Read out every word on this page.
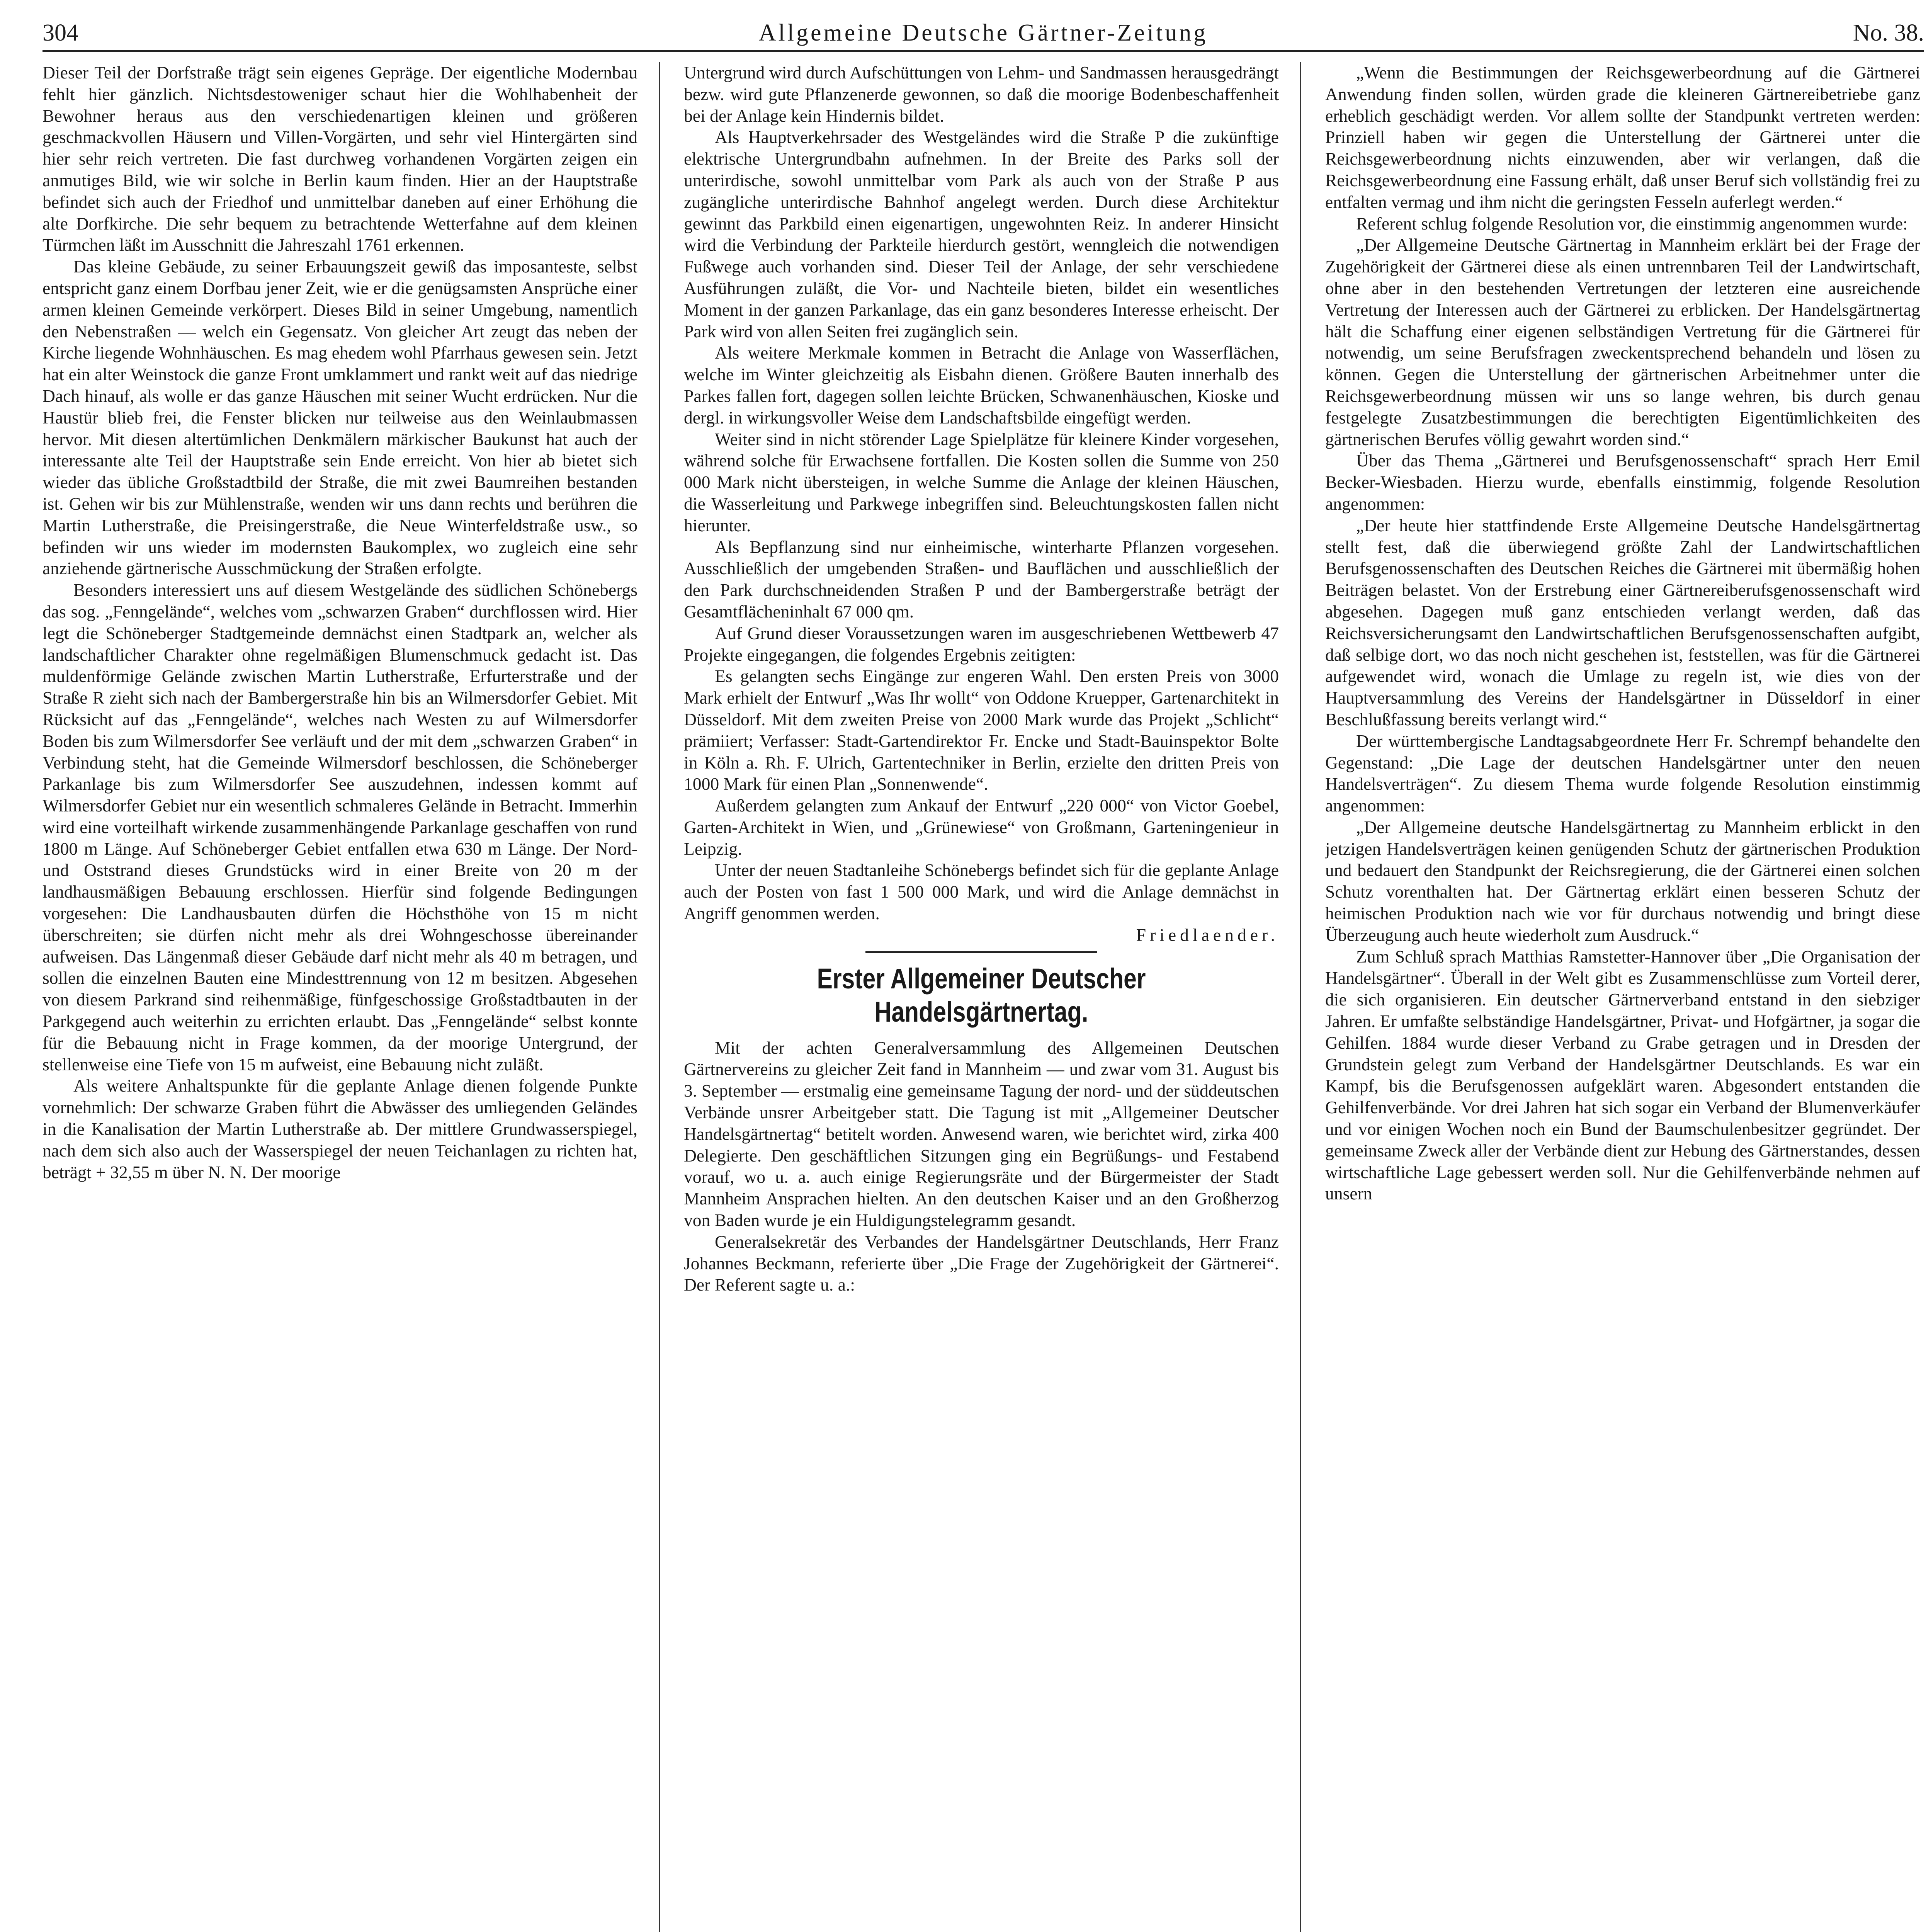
304	Allgemeine Deutsche Gärtner-Zeitung	No. 38.

Dieser Teil der Dorfstraße trägt sein eigenes Gepräge. Der eigentliche Modernbau fehlt hier gänzlich. Nichtsdestoweniger schaut hier die Wohlhabenheit der Bewohner heraus aus den verschiedenartigen kleinen und größeren geschmackvollen Häusern und Villen-Vorgärten, und sehr viel Hintergärten sind hier sehr reich vertreten. Die fast durchweg vorhandenen Vorgärten zeigen ein anmutiges Bild, wie wir solche in Berlin kaum finden. Hier an der Hauptstraße befindet sich auch der Friedhof und unmittelbar daneben auf einer Erhöhung die alte Dorfkirche. Die sehr bequem zu betrachtende Wetterfahne auf dem kleinen Türmchen läßt im Ausschnitt die Jahreszahl 1761 erkennen.

Das kleine Gebäude, zu seiner Erbauungszeit gewiß das imposanteste, selbst entspricht ganz einem Dorfbau jener Zeit, wie er die genügsamsten Ansprüche einer armen kleinen Gemeinde verkörpert. Dieses Bild in seiner Umgebung, namentlich den Nebenstraßen — welch ein Gegensatz. Von gleicher Art zeugt das neben der Kirche liegende Wohnhäuschen. Es mag ehedem wohl Pfarrhaus gewesen sein. Jetzt hat ein alter Weinstock die ganze Front umklammert und rankt weit auf das niedrige Dach hinauf, als wolle er das ganze Häuschen mit seiner Wucht erdrücken. Nur die Haustür blieb frei, die Fenster blicken nur teilweise aus den Weinlaubmassen hervor. Mit diesen altertümlichen Denkmälern märkischer Baukunst hat auch der interessante alte Teil der Hauptstraße sein Ende erreicht. Von hier ab bietet sich wieder das übliche Großstadtbild der Straße, die mit zwei Baumreihen bestanden ist. Gehen wir bis zur Mühlenstraße, wenden wir uns dann rechts und berühren die Martin Lutherstraße, die Preisingerstraße, die Neue Winterfeldstraße usw., so befinden wir uns wieder im modernsten Baukomplex, wo zugleich eine sehr anziehende gärtnerische Ausschmückung der Straßen erfolgte.

Besonders interessiert uns auf diesem Westgelände des südlichen Schönebergs das sog. „Fenngelände“, welches vom „schwarzen Graben“ durchflossen wird. Hier legt die Schöneberger Stadtgemeinde demnächst einen Stadtpark an, welcher als landschaftlicher Charakter ohne regelmäßigen Blumenschmuck gedacht ist. Das muldenförmige Gelände zwischen Martin Lutherstraße, Erfurterstraße und der Straße R zieht sich nach der Bambergerstraße hin bis an Wilmersdorfer Gebiet. Mit Rücksicht auf das „Fenngelände“, welches nach Westen zu auf Wilmersdorfer Boden bis zum Wilmersdorfer See verläuft und der mit dem „schwarzen Graben“ in Verbindung steht, hat die Gemeinde Wilmersdorf beschlossen, die Schöneberger Parkanlage bis zum Wilmersdorfer See auszudehnen, indessen kommt auf Wilmersdorfer Gebiet nur ein wesentlich schmaleres Gelände in Betracht. Immerhin wird eine vorteilhaft wirkende zusammenhängende Parkanlage geschaffen von rund 1800 m Länge. Auf Schöneberger Gebiet entfallen etwa 630 m Länge. Der Nord- und Oststrand dieses Grundstücks wird in einer Breite von 20 m der landhausmäßigen Bebauung erschlossen. Hierfür sind folgende Bedingungen vorgesehen: Die Landhausbauten dürfen die Höchsthöhe von 15 m nicht überschreiten; sie dürfen nicht mehr als drei Wohngeschosse übereinander aufweisen. Das Längenmaß dieser Gebäude darf nicht mehr als 40 m betragen, und sollen die einzelnen Bauten eine Mindesttrennung von 12 m besitzen. Abgesehen von diesem Parkrand sind reihenmäßige, fünfgeschossige Großstadtbauten in der Parkgegend auch weiterhin zu errichten erlaubt. Das „Fenngelände“ selbst konnte für die Bebauung nicht in Frage kommen, da der moorige Untergrund, der stellenweise eine Tiefe von 15 m aufweist, eine Bebauung nicht zuläßt.

Als weitere Anhaltspunkte für die geplante Anlage dienen folgende Punkte vornehmlich: Der schwarze Graben führt die Abwässer des umliegenden Geländes in die Kanalisation der Martin Lutherstraße ab. Der mittlere Grundwasserspiegel, nach dem sich also auch der Wasserspiegel der neuen Teichanlagen zu richten hat, beträgt + 32,55 m über N. N. Der moorige

Untergrund wird durch Aufschüttungen von Lehm- und Sandmassen herausgedrängt bezw. wird gute Pflanzenerde gewonnen, so daß die moorige Bodenbeschaffenheit bei der Anlage kein Hindernis bildet.

Als Hauptverkehrsader des Westgeländes wird die Straße P die zukünftige elektrische Untergrundbahn aufnehmen. In der Breite des Parks soll der unterirdische, sowohl unmittelbar vom Park als auch von der Straße P aus zugängliche unterirdische Bahnhof angelegt werden. Durch diese Architektur gewinnt das Parkbild einen eigenartigen, ungewohnten Reiz. In anderer Hinsicht wird die Verbindung der Parkteile hierdurch gestört, wenngleich die notwendigen Fußwege auch vorhanden sind. Dieser Teil der Anlage, der sehr verschiedene Ausführungen zuläßt, die Vor- und Nachteile bieten, bildet ein wesentliches Moment in der ganzen Parkanlage, das ein ganz besonderes Interesse erheischt. Der Park wird von allen Seiten frei zugänglich sein.

Als weitere Merkmale kommen in Betracht die Anlage von Wasserflächen, welche im Winter gleichzeitig als Eisbahn dienen. Größere Bauten innerhalb des Parkes fallen fort, dagegen sollen leichte Brücken, Schwanenhäuschen, Kioske und dergl. in wirkungsvoller Weise dem Landschaftsbilde eingefügt werden.

Weiter sind in nicht störender Lage Spielplätze für kleinere Kinder vorgesehen, während solche für Erwachsene fortfallen. Die Kosten sollen die Summe von 250 000 Mark nicht übersteigen, in welche Summe die Anlage der kleinen Häuschen, die Wasserleitung und Parkwege inbegriffen sind. Beleuchtungskosten fallen nicht hierunter.

Als Bepflanzung sind nur einheimische, winterharte Pflanzen vorgesehen. Ausschließlich der umgebenden Straßen- und Bauflächen und ausschließlich der den Park durchschneidenden Straßen P und der Bambergerstraße beträgt der Gesamtflächeninhalt 67 000 qm.

Auf Grund dieser Voraussetzungen waren im ausgeschriebenen Wettbewerb 47 Projekte eingegangen, die folgendes Ergebnis zeitigten:

Es gelangten sechs Eingänge zur engeren Wahl. Den ersten Preis von 3000 Mark erhielt der Entwurf „Was Ihr wollt“ von Oddone Kruepper, Gartenarchitekt in Düsseldorf. Mit dem zweiten Preise von 2000 Mark wurde das Projekt „Schlicht“ prämiiert; Verfasser: Stadt-Gartendirektor Fr. Encke und Stadt-Bauinspektor Bolte in Köln a. Rh. F. Ulrich, Gartentechniker in Berlin, erzielte den dritten Preis von 1000 Mark für einen Plan „Sonnenwende“.

Außerdem gelangten zum Ankauf der Entwurf „220 000“ von Victor Goebel, Garten-Architekt in Wien, und „Grünewiese“ von Großmann, Garteningenieur in Leipzig.

Unter der neuen Stadtanleihe Schönebergs befindet sich für die geplante Anlage auch der Posten von fast 1 500 000 Mark, und wird die Anlage demnächst in Angriff genommen werden.

Friedlaender.

Erster Allgemeiner Deutscher Handelsgärtnertag.

Mit der achten Generalversammlung des Allgemeinen Deutschen Gärtnervereins zu gleicher Zeit fand in Mannheim — und zwar vom 31. August bis 3. September — erstmalig eine gemeinsame Tagung der nord- und der süddeutschen Verbände unsrer Arbeitgeber statt. Die Tagung ist mit „Allgemeiner Deutscher Handelsgärtnertag“ betitelt worden. Anwesend waren, wie berichtet wird, zirka 400 Delegierte. Den geschäftlichen Sitzungen ging ein Begrüßungs- und Festabend vorauf, wo u. a. auch einige Regierungsräte und der Bürgermeister der Stadt Mannheim Ansprachen hielten. An den deutschen Kaiser und an den Großherzog von Baden wurde je ein Huldigungstelegramm gesandt.

Generalsekretär des Verbandes der Handelsgärtner Deutschlands, Herr Franz Johannes Beckmann, referierte über „Die Frage der Zugehörigkeit der Gärtnerei“. Der Referent sagte u. a.:

„Wenn die Bestimmungen der Reichsgewerbeordnung auf die Gärtnerei Anwendung finden sollen, würden grade die kleineren Gärtnereibetriebe ganz erheblich geschädigt werden. Vor allem sollte der Standpunkt vertreten werden: Prinziell haben wir gegen die Unterstellung der Gärtnerei unter die Reichsgewerbeordnung nichts einzuwenden, aber wir verlangen, daß die Reichsgewerbeordnung eine Fassung erhält, daß unser Beruf sich vollständig frei zu entfalten vermag und ihm nicht die geringsten Fesseln auferlegt werden.“

Referent schlug folgende Resolution vor, die einstimmig angenommen wurde:

„Der Allgemeine Deutsche Gärtnertag in Mannheim erklärt bei der Frage der Zugehörigkeit der Gärtnerei diese als einen untrennbaren Teil der Landwirtschaft, ohne aber in den bestehenden Vertretungen der letzteren eine ausreichende Vertretung der Interessen auch der Gärtnerei zu erblicken. Der Handelsgärtnertag hält die Schaffung einer eigenen selbständigen Vertretung für die Gärtnerei für notwendig, um seine Berufsfragen zweckentsprechend behandeln und lösen zu können. Gegen die Unterstellung der gärtnerischen Arbeitnehmer unter die Reichsgewerbeordnung müssen wir uns so lange wehren, bis durch genau festgelegte Zusatzbestimmungen die berechtigten Eigentümlichkeiten des gärtnerischen Berufes völlig gewahrt worden sind.“

Über das Thema „Gärtnerei und Berufsgenossenschaft“ sprach Herr Emil Becker-Wiesbaden. Hierzu wurde, ebenfalls einstimmig, folgende Resolution angenommen:

„Der heute hier stattfindende Erste Allgemeine Deutsche Handelsgärtnertag stellt fest, daß die überwiegend größte Zahl der Landwirtschaftlichen Berufsgenossenschaften des Deutschen Reiches die Gärtnerei mit übermäßig hohen Beiträgen belastet. Von der Erstrebung einer Gärtnereiberufsgenossenschaft wird abgesehen. Dagegen muß ganz entschieden verlangt werden, daß das Reichsversicherungsamt den Landwirtschaftlichen Berufsgenossenschaften aufgibt, daß selbige dort, wo das noch nicht geschehen ist, feststellen, was für die Gärtnerei aufgewendet wird, wonach die Umlage zu regeln ist, wie dies von der Hauptversammlung des Vereins der Handelsgärtner in Düsseldorf in einer Beschlußfassung bereits verlangt wird.“

Der württembergische Landtagsabgeordnete Herr Fr. Schrempf behandelte den Gegenstand: „Die Lage der deutschen Handelsgärtner unter den neuen Handelsverträgen“. Zu diesem Thema wurde folgende Resolution einstimmig angenommen:

„Der Allgemeine deutsche Handelsgärtnertag zu Mannheim erblickt in den jetzigen Handelsverträgen keinen genügenden Schutz der gärtnerischen Produktion und bedauert den Standpunkt der Reichsregierung, die der Gärtnerei einen solchen Schutz vorenthalten hat. Der Gärtnertag erklärt einen besseren Schutz der heimischen Produktion nach wie vor für durchaus notwendig und bringt diese Überzeugung auch heute wiederholt zum Ausdruck.“

Zum Schluß sprach Matthias Ramstetter-Hannover über „Die Organisation der Handelsgärtner“. Überall in der Welt gibt es Zusammenschlüsse zum Vorteil derer, die sich organisieren. Ein deutscher Gärtnerverband entstand in den siebziger Jahren. Er umfaßte selbständige Handelsgärtner, Privat- und Hofgärtner, ja sogar die Gehilfen. 1884 wurde dieser Verband zu Grabe getragen und in Dresden der Grundstein gelegt zum Verband der Handelsgärtner Deutschlands. Es war ein Kampf, bis die Berufsgenossen aufgeklärt waren. Abgesondert entstanden die Gehilfenverbände. Vor drei Jahren hat sich sogar ein Verband der Blumenverkäufer und vor einigen Wochen noch ein Bund der Baumschulenbesitzer gegründet. Der gemeinsame Zweck aller der Verbände dient zur Hebung des Gärtnerstandes, dessen wirtschaftliche Lage gebessert werden soll. Nur die Gehilfenverbände nehmen auf unsern
